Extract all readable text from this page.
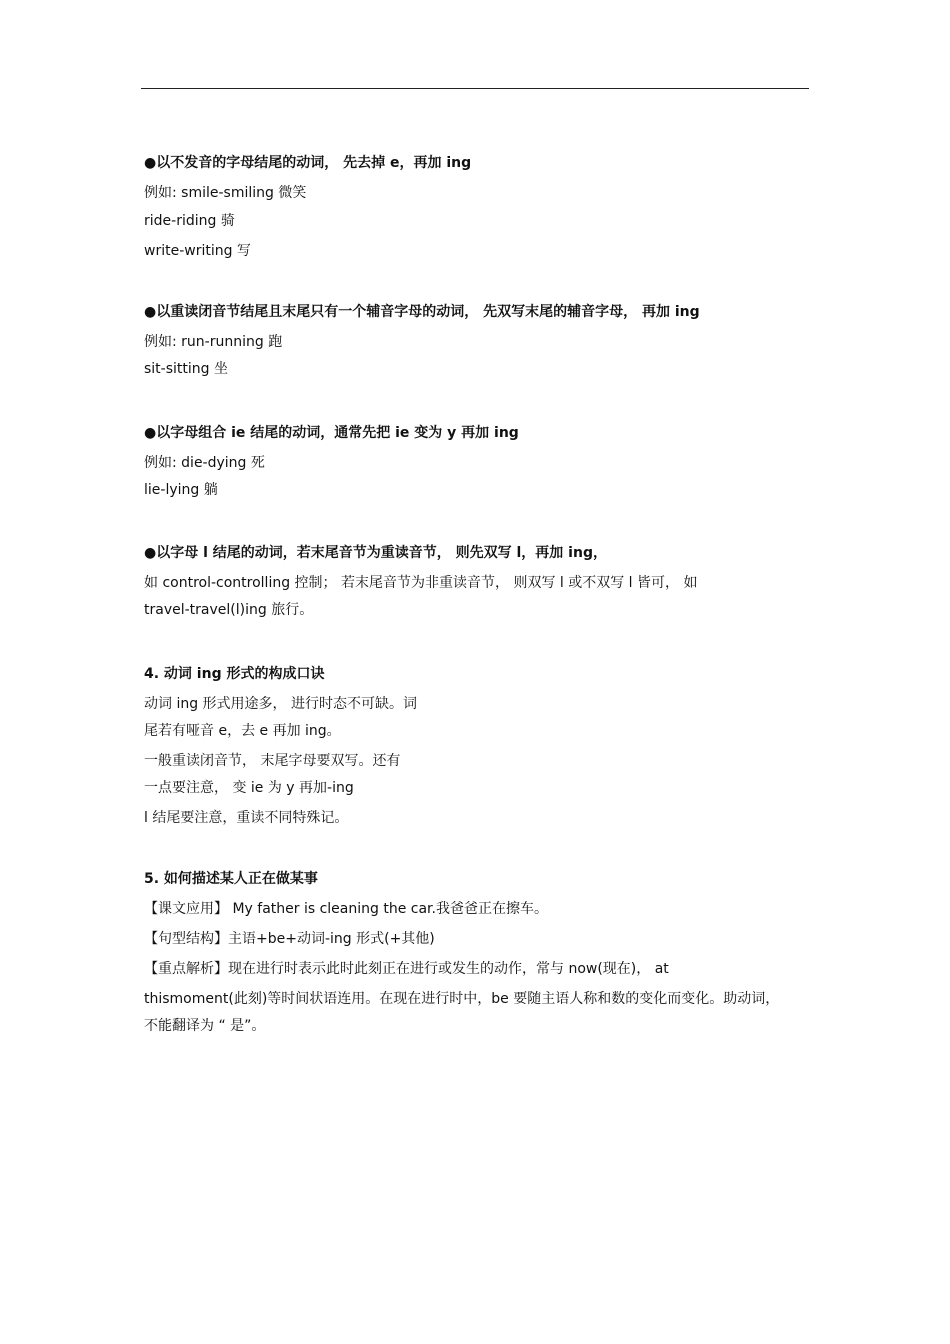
●以不发音的字母结尾的动词， 先去掉 e，再加 ing
例如: smile-smiling 微笑
ride-riding 骑
write-writing 写
●以重读闭音节结尾且末尾只有一个辅音字母的动词， 先双写末尾的辅音字母， 再加 ing
例如: run-running 跑
sit-sitting 坐
●以字母组合 ie 结尾的动词，通常先把 ie 变为 y 再加 ing
例如: die-dying 死
lie-lying 躺
●以字母 l 结尾的动词，若末尾音节为重读音节， 则先双写 l，再加 ing，
如 control-controlling 控制； 若末尾音节为非重读音节， 则双写 l 或不双写 l 皆可， 如
travel-travel(l)ing 旅行。
4. 动词 ing 形式的构成口诀
动词 ing 形式用途多， 进行时态不可缺。词
尾若有哑音 e，去 e 再加 ing。
一般重读闭音节， 末尾字母要双写。还有
一点要注意， 变 ie 为 y 再加-ing
l 结尾要注意，重读不同特殊记。
5. 如何描述某人正在做某事
【课文应用】 My father is cleaning the car.我爸爸正在擦车。
【句型结构】主语+be+动词-ing 形式(+其他)
【重点解析】现在进行时表示此时此刻正在进行或发生的动作，常与 now(现在)， at
thismoment(此刻)等时间状语连用。在现在进行时中，be 要随主语人称和数的变化而变化。助动词，
不能翻译为 “ 是”。
